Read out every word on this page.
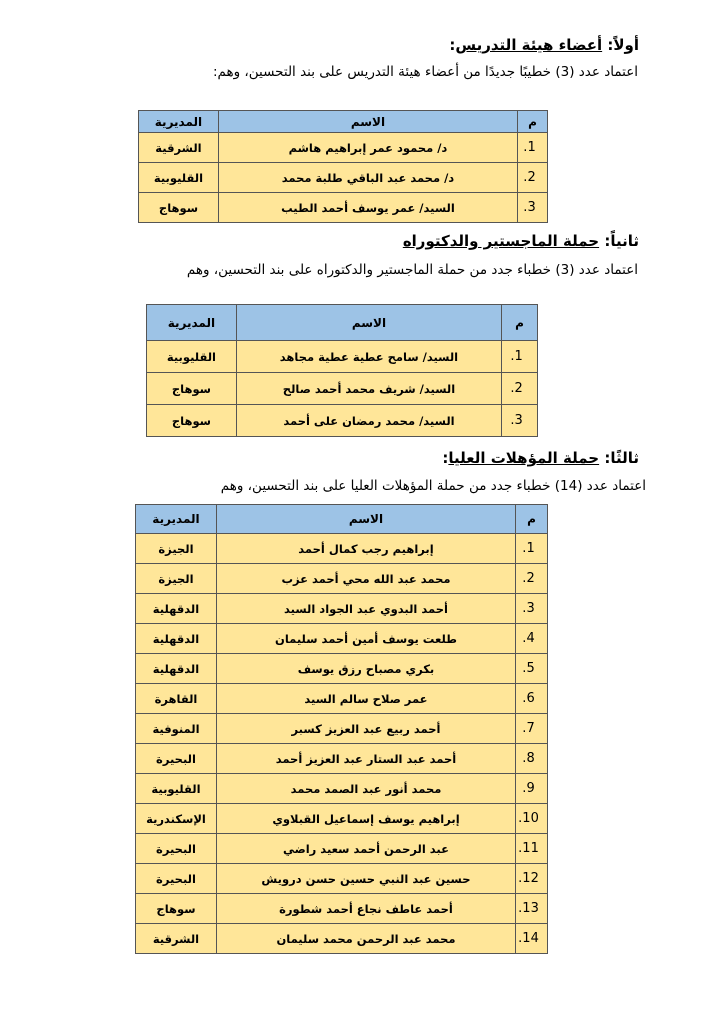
أولاً: أعضاء هيئة التدريس:
اعتماد عدد (3) خطيبًا جديدًا من أعضاء هيئة التدريس على بند التحسين، وهم:
م	الاسم	المديرية
1.	د/ محمود عمر إبراهيم هاشم	الشرقية
2.	د/ محمد عبد الباقي طلبة محمد	القليوبية
3.	السيد/ عمر يوسف أحمد الطيب	سوهاج
ثانياً: حملة الماجستير والدكتوراه
اعتماد عدد (3) خطباء جدد من حملة الماجستير والدكتوراه على بند التحسين، وهم
م	الاسم	المديرية
1.	السيد/ سامح عطية عطية مجاهد	القليوبية
2.	السيد/ شريف محمد أحمد صالح	سوهاج
3.	السيد/ محمد رمضان على أحمد	سوهاج
ثالثًا: حملة المؤهلات العليا:
اعتماد عدد (14) خطباء جدد من حملة المؤهلات العليا على بند التحسين، وهم
م	الاسم	المديرية
1.	إبراهيم رجب كمال أحمد	الجيزة
2.	محمد عبد الله محي أحمد عزب	الجيزة
3.	أحمد البدوي عبد الجواد السيد	الدقهلية
4.	طلعت يوسف أمين أحمد سليمان	الدقهلية
5.	بكري مصباح رزق يوسف	الدقهلية
6.	عمر صلاح سالم السيد	القاهرة
7.	أحمد ربيع عبد العزيز كسبر	المنوفية
8.	أحمد عبد الستار عبد العزيز أحمد	البحيرة
9.	محمد أنور عبد الصمد محمد	القليوبية
10.	إبراهيم يوسف إسماعيل القبلاوي	الإسكندرية
11.	عبد الرحمن أحمد سعيد راضي	البحيرة
12.	حسين عبد النبي حسين حسن درويش	البحيرة
13.	أحمد عاطف نجاع أحمد شطورة	سوهاج
14.	محمد عبد الرحمن محمد سليمان	الشرقية
